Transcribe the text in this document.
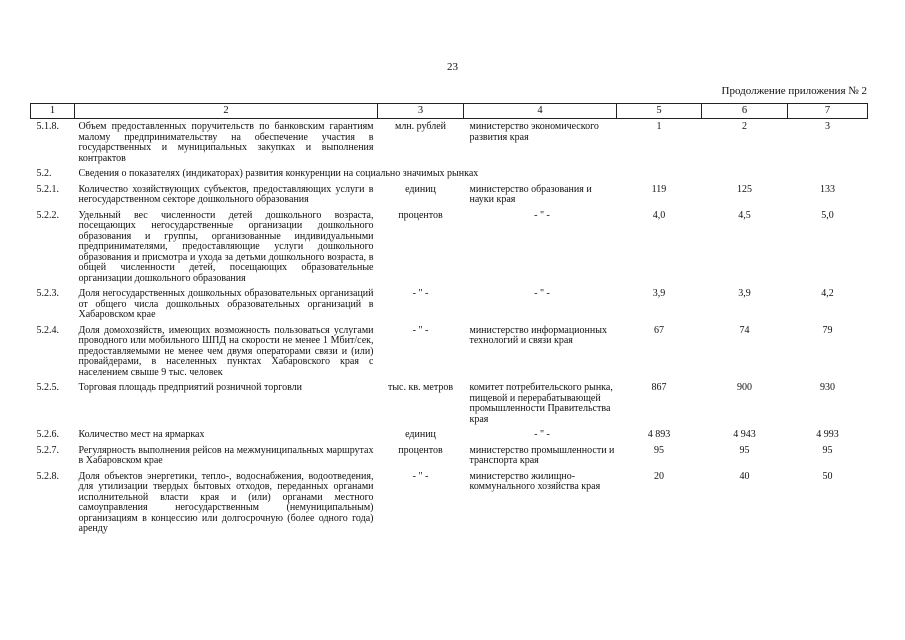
23
Продолжение приложения № 2
1	2	3	4	5	6	7
5.1.8.	Объем предоставленных поручительств по банковским гарантиям малому предпринимательству на обеспечение участия в государственных и муниципальных закупках и выполнения контрактов	млн. рублей	министерство экономического развития края	1	2	3
5.2.	Сведения о показателях (индикаторах) развития конкуренции на социально значимых рынках					
5.2.1.	Количество хозяйствующих субъектов, предоставляющих услуги в негосударственном секторе дошкольного образования	единиц	министерство образования и науки края	119	125	133
5.2.2.	Удельный вес численности детей дошкольного возраста, посещающих негосударственные организации дошкольного образования и группы, организованные индивидуальными предпринимателями, предоставляющие услуги дошкольного образования и присмотра и ухода за детьми дошкольного возраста, в общей численности детей, посещающих образовательные организации дошкольного образования	процентов	- " -	4,0	4,5	5,0
5.2.3.	Доля негосударственных дошкольных образовательных организаций от общего числа дошкольных образовательных организаций в Хабаровском крае	- " -	- " -	3,9	3,9	4,2
5.2.4.	Доля домохозяйств, имеющих возможность пользоваться услугами проводного или мобильного ШПД на скорости не менее 1 Мбит/сек, предоставляемыми не менее чем двумя операторами связи и (или) провайдерами, в населенных пунктах Хабаровского края с населением свыше 9 тыс. человек	- " -	министерство информационных технологий и связи края	67	74	79
5.2.5.	Торговая площадь предприятий розничной торговли	тыс. кв. метров	комитет потребительского рынка, пищевой и перерабатывающей промышленности Правительства края	867	900	930
5.2.6.	Количество мест на ярмарках	единиц	- " -	4 893	4 943	4 993
5.2.7.	Регулярность выполнения рейсов на межмуниципальных маршрутах в Хабаровском крае	процентов	министерство промышленности и транспорта края	95	95	95
5.2.8.	Доля объектов энергетики, тепло-, водоснабжения, водоотведения, для утилизации твердых бытовых отходов, переданных органами исполнительной власти края и (или) органами местного самоуправления негосударственным (немуниципальным) организациям в концессию или долгосрочную (более одного года) аренду	- " -	министерство жилищно-коммунального хозяйства края	20	40	50
